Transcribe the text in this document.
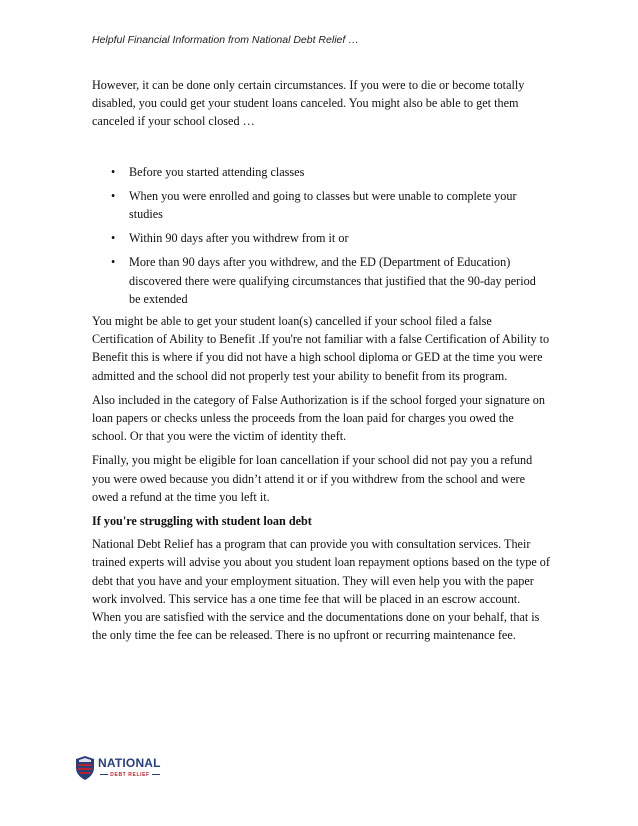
Helpful Financial Information from National Debt Relief …

However, it can be done only certain circumstances. If you were to die or become totally disabled, you could get your student loans canceled. You might also be able to get them canceled if your school closed …

• Before you started attending classes
• When you were enrolled and going to classes but were unable to complete your studies
• Within 90 days after you withdrew from it or
• More than 90 days after you withdrew, and the ED (Department of Education) discovered there were qualifying circumstances that justified that the 90-day period be extended

You might be able to get your student loan(s) cancelled if your school filed a false Certification of Ability to Benefit .If you're not familiar with a false Certification of Ability to Benefit this is where if you did not have a high school diploma or GED at the time you were admitted and the school did not properly test your ability to benefit from its program.

Also included in the category of False Authorization is if the school forged your signature on loan papers or checks unless the proceeds from the loan paid for charges you owed the school. Or that you were the victim of identity theft.

Finally, you might be eligible for loan cancellation if your school did not pay you a refund you were owed because you didn’t attend it or if you withdrew from the school and were owed a refund at the time you left it.

If you're struggling with student loan debt

National Debt Relief has a program that can provide you with consultation services. Their trained experts will advise you about you student loan repayment options based on the type of debt that you have and your employment situation. They will even help you with the paper work involved. This service has a one time fee that will be placed in an escrow account. When you are satisfied with the service and the documentations done on your behalf, that is the only time the fee can be released. There is no upfront or recurring maintenance fee.

NATIONAL
DEBT RELIEF
